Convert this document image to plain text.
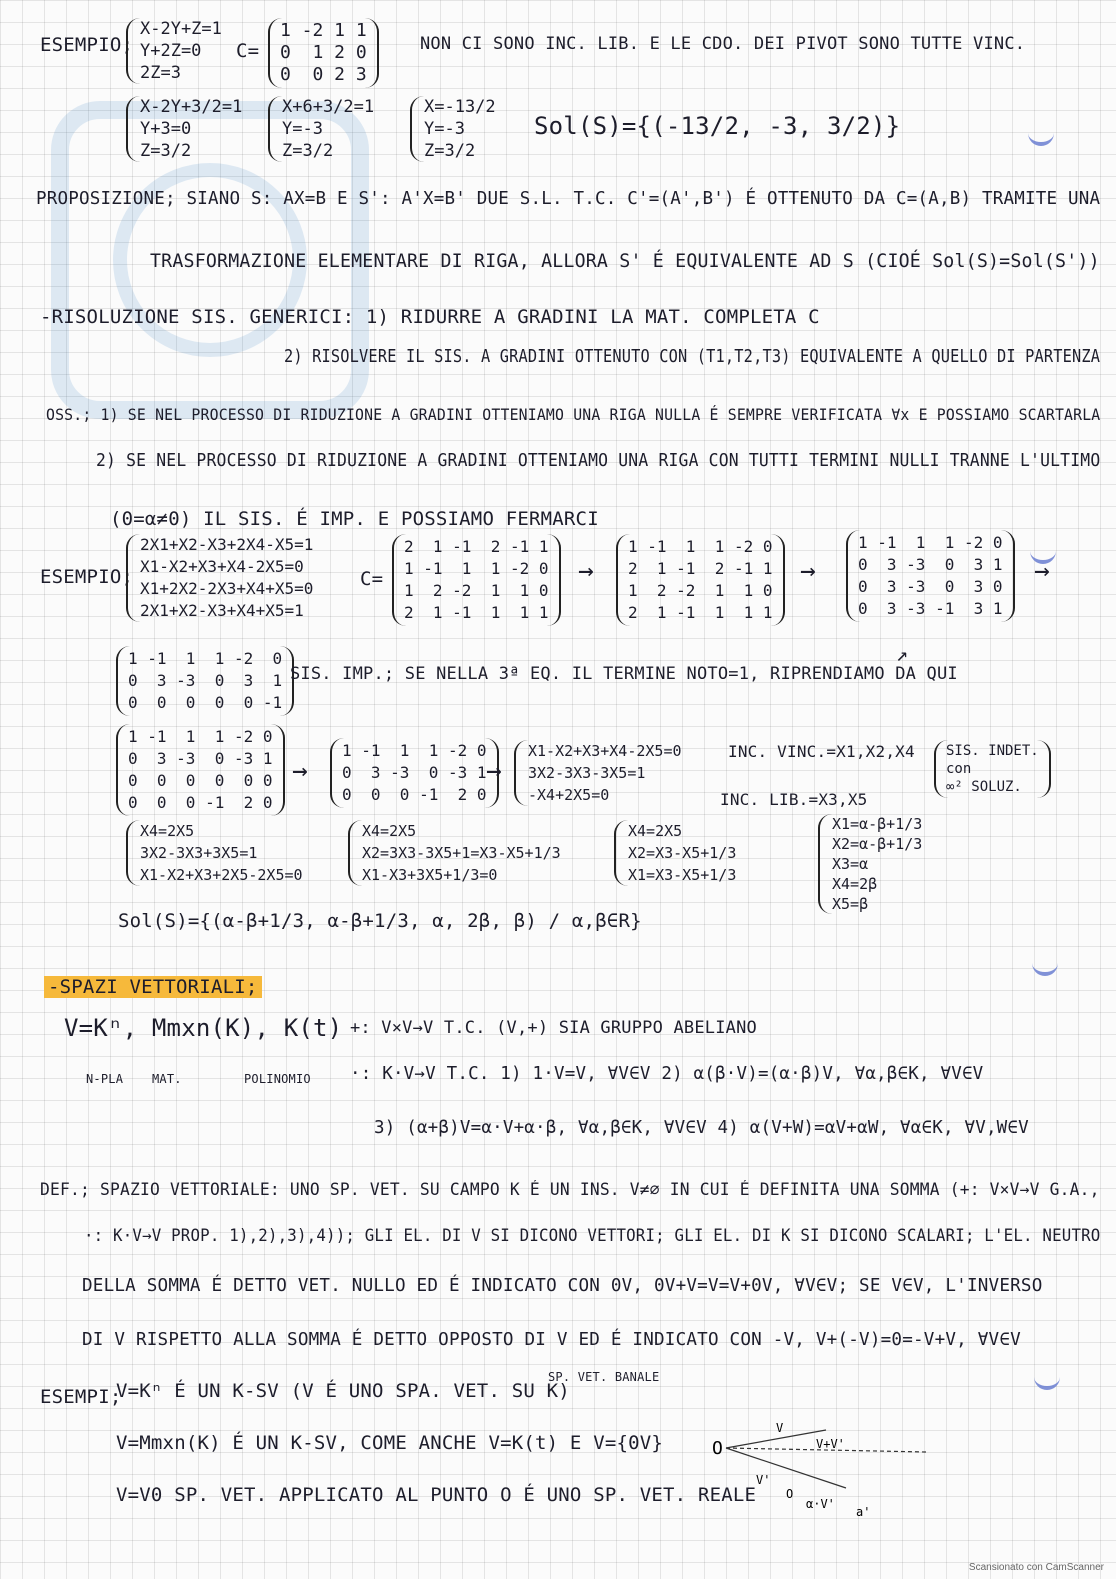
ESEMPIO;
X-2Y+Z=1
Y+2Z=0
2Z=3
C=
1 -2 1 1
0  1 2 0
0  0 2 3
NON CI SONO INC. LIB. E LE CDO. DEI PIVOT SONO TUTTE VINC.
X-2Y+3/2=1
Y+3=0
Z=3/2
X+6+3/2=1
Y=-3
Z=3/2
X=-13/2
Y=-3
Z=3/2
Sol(S)={(-13/2, -3, 3/2)}
PROPOSIZIONE; SIANO S: AX=B E S': A'X=B' DUE S.L. T.C. C'=(A',B') É OTTENUTO DA C=(A,B) TRAMITE UNA
TRASFORMAZIONE ELEMENTARE DI RIGA, ALLORA S' É EQUIVALENTE AD S (CIOÉ Sol(S)=Sol(S'))
-RISOLUZIONE SIS. GENERICI: 1) RIDURRE A GRADINI LA MAT. COMPLETA C
2) RISOLVERE IL SIS. A GRADINI OTTENUTO CON (T1,T2,T3) EQUIVALENTE A QUELLO DI PARTENZA
OSS.; 1) SE NEL PROCESSO DI RIDUZIONE A GRADINI OTTENIAMO UNA RIGA NULLA É SEMPRE VERIFICATA ∀x E POSSIAMO SCARTARLA
2) SE NEL PROCESSO DI RIDUZIONE A GRADINI OTTENIAMO UNA RIGA CON TUTTI TERMINI NULLI TRANNE L'ULTIMO
(0=α≠0) IL SIS. É IMP. E POSSIAMO FERMARCI
ESEMPIO;
2X1+X2-X3+2X4-X5=1
X1-X2+X3+X4-2X5=0
X1+2X2-2X3+X4+X5=0
2X1+X2-X3+X4+X5=1
C=
2  1 -1  2 -1 1
1 -1  1  1 -2 0
1  2 -2  1  1 0
2  1 -1  1  1 1
→
1 -1  1  1 -2 0
2  1 -1  2 -1 1
1  2 -2  1  1 0
2  1 -1  1  1 1
→
1 -1  1  1 -2 0
0  3 -3  0  3 1
0  3 -3  0  3 0
0  3 -3 -1  3 1
→
1 -1  1  1 -2  0
0  3 -3  0  3  1
0  0  0  0  0 -1
SIS. IMP.; SE NELLA 3ª EQ. IL TERMINE NOTO=1, RIPRENDIAMO DA QUI
↗
1 -1  1  1 -2 0
0  3 -3  0 -3 1
0  0  0  0  0 0
0  0  0 -1  2 0
→
1 -1  1  1 -2 0
0  3 -3  0 -3 1
0  0  0 -1  2 0
→
X1-X2+X3+X4-2X5=0
3X2-3X3-3X5=1
-X4+2X5=0
INC. VINC.=X1,X2,X4
INC. LIB.=X3,X5
SIS. INDET.
con
∞² SOLUZ.
X4=2X5
3X2-3X3+3X5=1
X1-X2+X3+2X5-2X5=0
X4=2X5
X2=3X3-3X5+1=X3-X5+1/3
X1-X3+3X5+1/3=0
X4=2X5
X2=X3-X5+1/3
X1=X3-X5+1/3
X1=α-β+1/3
X2=α-β+1/3
X3=α
X4=2β
X5=β
Sol(S)={(α-β+1/3, α-β+1/3, α, 2β, β) / α,β∈R}
-SPAZI VETTORIALI;
V=Kⁿ, Mmxn(K), K(t)
N-PLA MAT.	POLINOMIO
+: V×V→V T.C. (V,+) SIA GRUPPO ABELIANO
·: K·V→V T.C. 1) 1·V=V, ∀V∈V 2) α(β·V)=(α·β)V, ∀α,β∈K, ∀V∈V
3) (α+β)V=α·V+α·β, ∀α,β∈K, ∀V∈V 4) α(V+W)=αV+αW, ∀α∈K, ∀V,W∈V
DEF.; SPAZIO VETTORIALE: UNO SP. VET. SU CAMPO K É UN INS. V≠∅ IN CUI É DEFINITA UNA SOMMA (+: V×V→V G.A.,
·: K·V→V PROP. 1),2),3),4)); GLI EL. DI V SI DICONO VETTORI; GLI EL. DI K SI DICONO SCALARI; L'EL. NEUTRO
DELLA SOMMA É DETTO VET. NULLO ED É INDICATO CON 0V, 0V+V=V=V+0V, ∀V∈V; SE V∈V, L'INVERSO
DI V RISPETTO ALLA SOMMA É DETTO OPPOSTO DI V ED É INDICATO CON -V, V+(-V)=0=-V+V, ∀V∈V
ESEMPI;
V=Kⁿ É UN K-SV (V É UNO SPA. VET. SU K)
SP. VET. BANALE
V=Mmxn(K) É UN K-SV, COME ANCHE V=K(t) E V={0V}
V=V0 SP. VET. APPLICATO AL PUNTO O É UNO SP. VET. REALE
O
V
V+V'
V'
O
α·V'
a'
Scansionato con CamScanner
